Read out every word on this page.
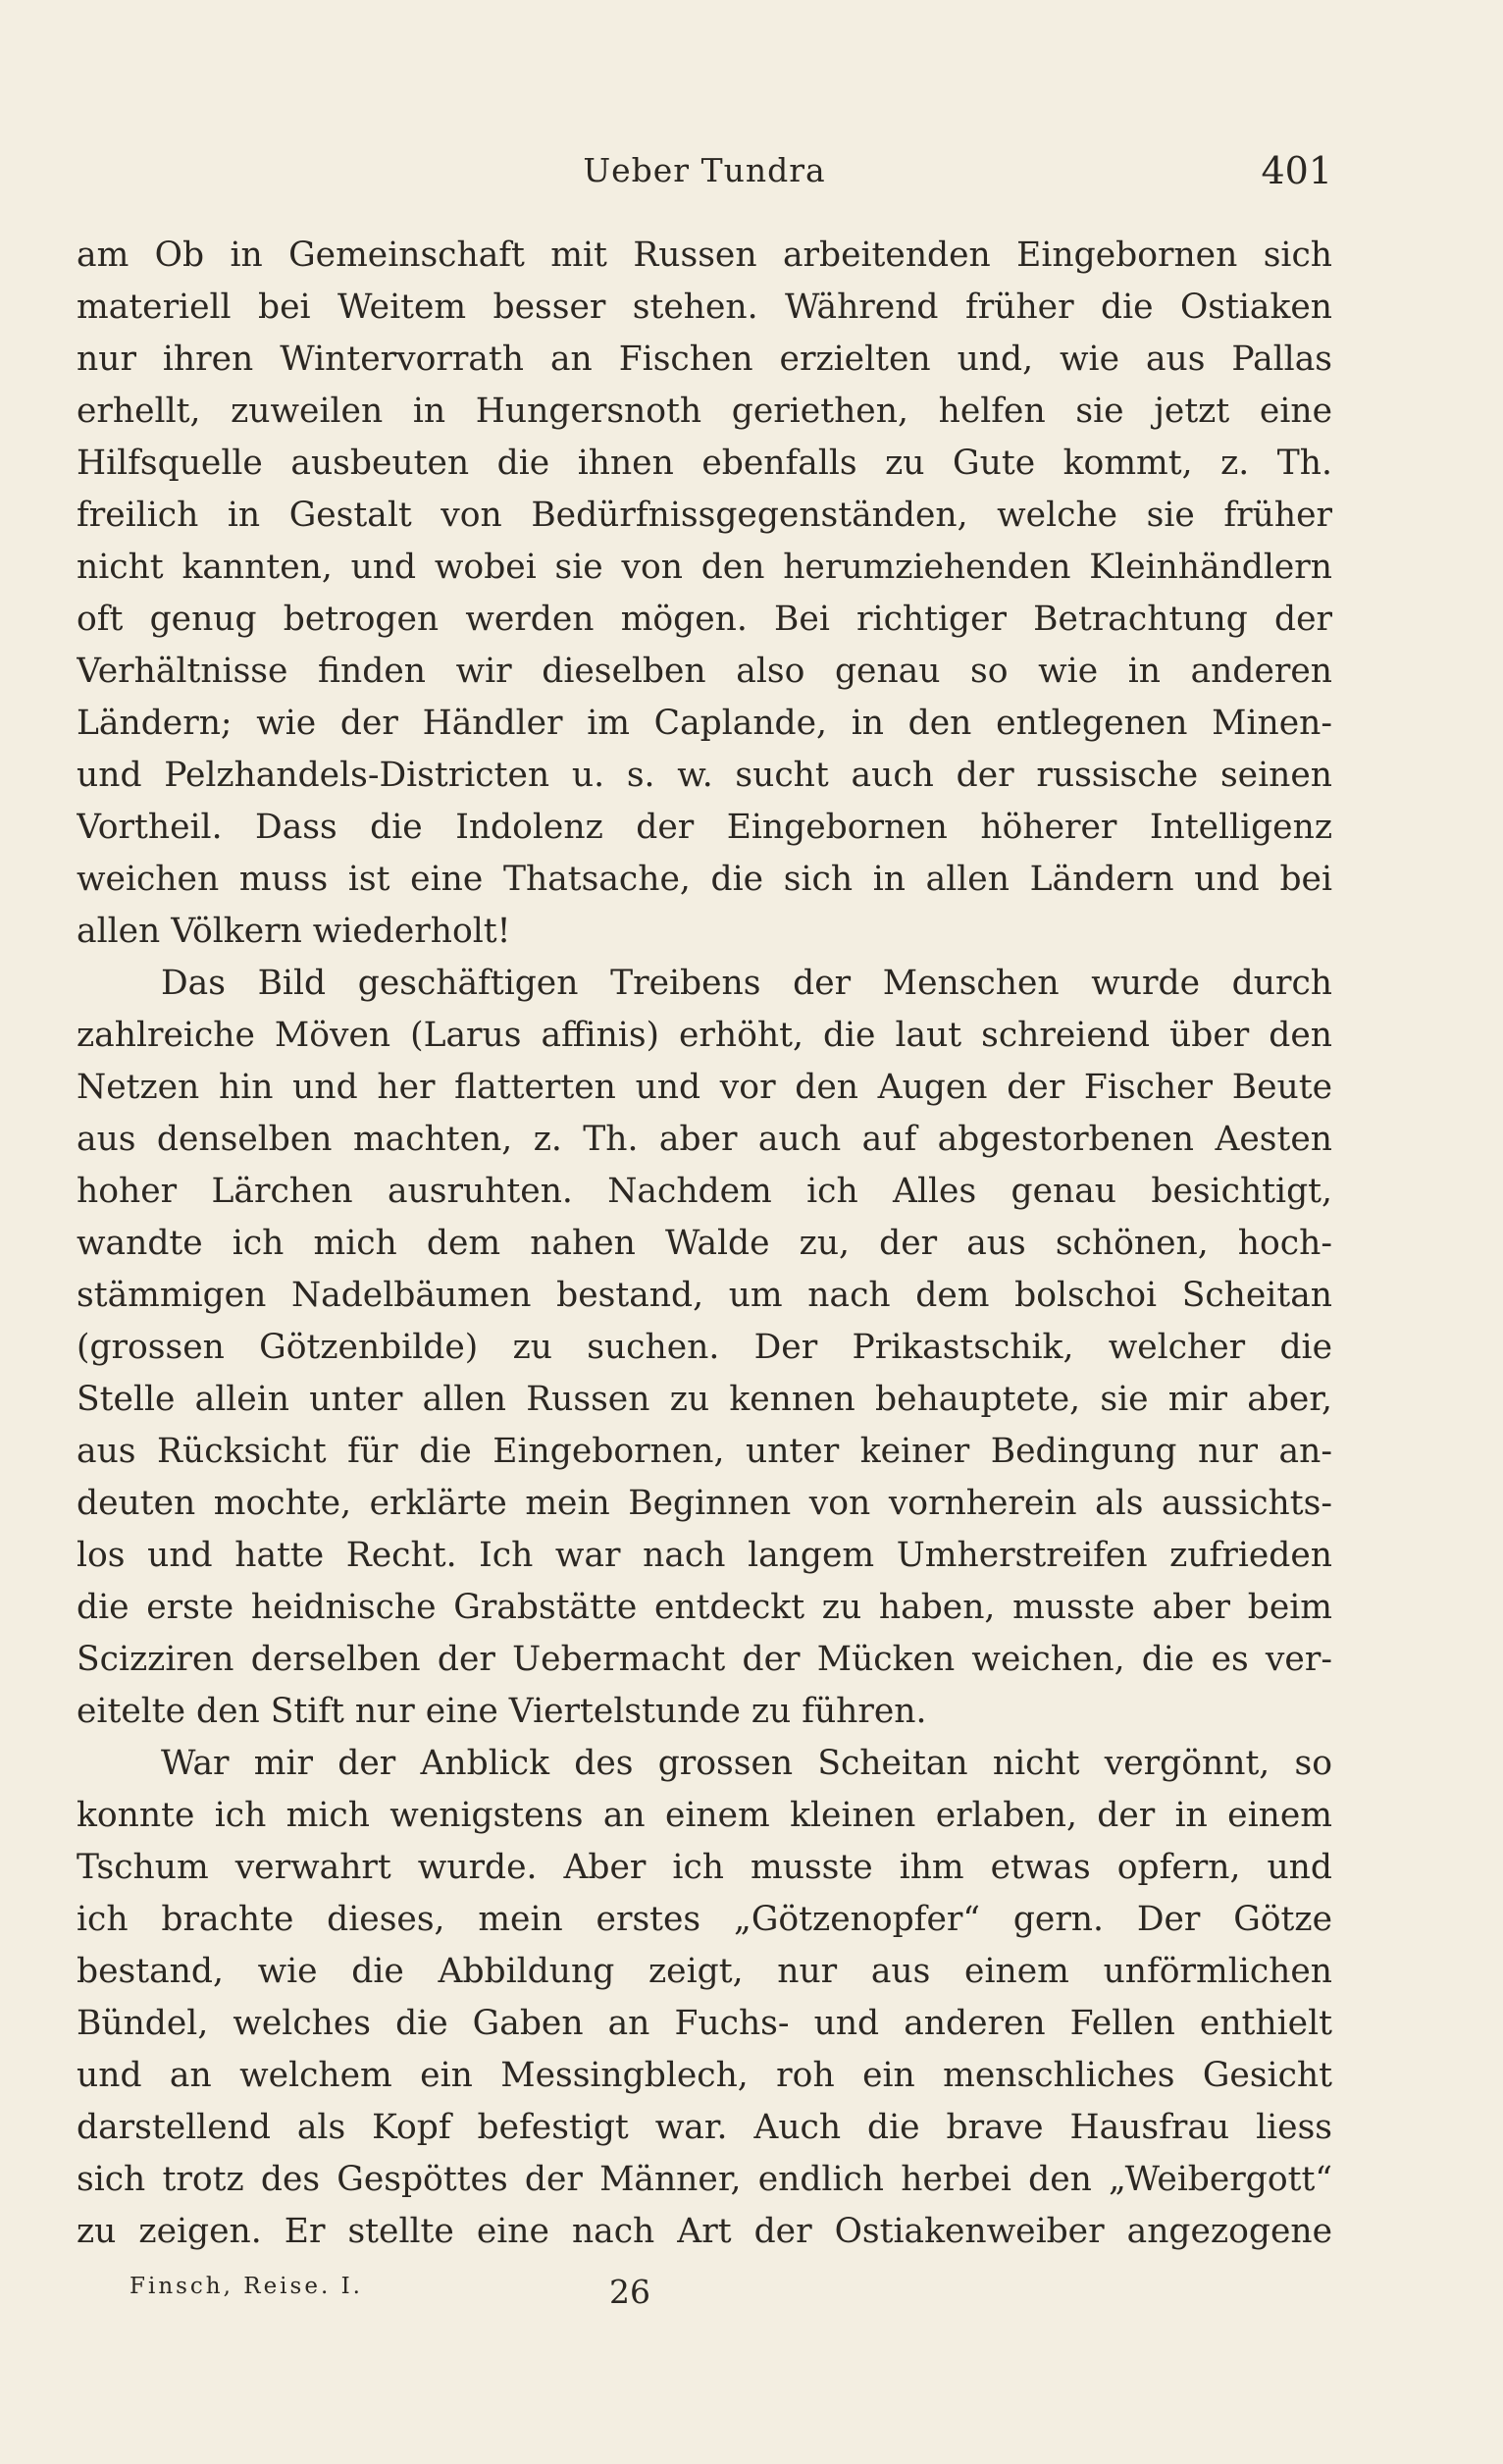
Ueber Tundra	401
am Ob in Gemeinschaft mit Russen arbeitenden Eingebornen sich
materiell bei Weitem besser stehen. Während früher die Ostiaken
nur ihren Wintervorrath an Fischen erzielten und, wie aus Pallas
erhellt, zuweilen in Hungersnoth geriethen, helfen sie jetzt eine
Hilfsquelle ausbeuten die ihnen ebenfalls zu Gute kommt, z. Th.
freilich in Gestalt von Bedürfnissgegenständen, welche sie früher
nicht kannten, und wobei sie von den herumziehenden Kleinhändlern
oft genug betrogen werden mögen. Bei richtiger Betrachtung der
Verhältnisse finden wir dieselben also genau so wie in anderen
Ländern; wie der Händler im Caplande, in den entlegenen Minen-
und Pelzhandels-Districten u. s. w. sucht auch der russische seinen
Vortheil. Dass die Indolenz der Eingebornen höherer Intelligenz
weichen muss ist eine Thatsache, die sich in allen Ländern und bei
allen Völkern wiederholt!
Das Bild geschäftigen Treibens der Menschen wurde durch
zahlreiche Möven (Larus affinis) erhöht, die laut schreiend über den
Netzen hin und her flatterten und vor den Augen der Fischer Beute
aus denselben machten, z. Th. aber auch auf abgestorbenen Aesten
hoher Lärchen ausruhten. Nachdem ich Alles genau besichtigt,
wandte ich mich dem nahen Walde zu, der aus schönen, hoch-
stämmigen Nadelbäumen bestand, um nach dem bolschoi Scheitan
(grossen Götzenbilde) zu suchen. Der Prikastschik, welcher die
Stelle allein unter allen Russen zu kennen behauptete, sie mir aber,
aus Rücksicht für die Eingebornen, unter keiner Bedingung nur an-
deuten mochte, erklärte mein Beginnen von vornherein als aussichts-
los und hatte Recht. Ich war nach langem Umherstreifen zufrieden
die erste heidnische Grabstätte entdeckt zu haben, musste aber beim
Scizziren derselben der Uebermacht der Mücken weichen, die es ver-
eitelte den Stift nur eine Viertelstunde zu führen.
War mir der Anblick des grossen Scheitan nicht vergönnt, so
konnte ich mich wenigstens an einem kleinen erlaben, der in einem
Tschum verwahrt wurde. Aber ich musste ihm etwas opfern, und
ich brachte dieses, mein erstes „Götzenopfer“ gern. Der Götze
bestand, wie die Abbildung zeigt, nur aus einem unförmlichen
Bündel, welches die Gaben an Fuchs- und anderen Fellen enthielt
und an welchem ein Messingblech, roh ein menschliches Gesicht
darstellend als Kopf befestigt war. Auch die brave Hausfrau liess
sich trotz des Gespöttes der Männer, endlich herbei den „Weibergott“
zu zeigen. Er stellte eine nach Art der Ostiakenweiber angezogene
Finsch, Reise. I.	26
